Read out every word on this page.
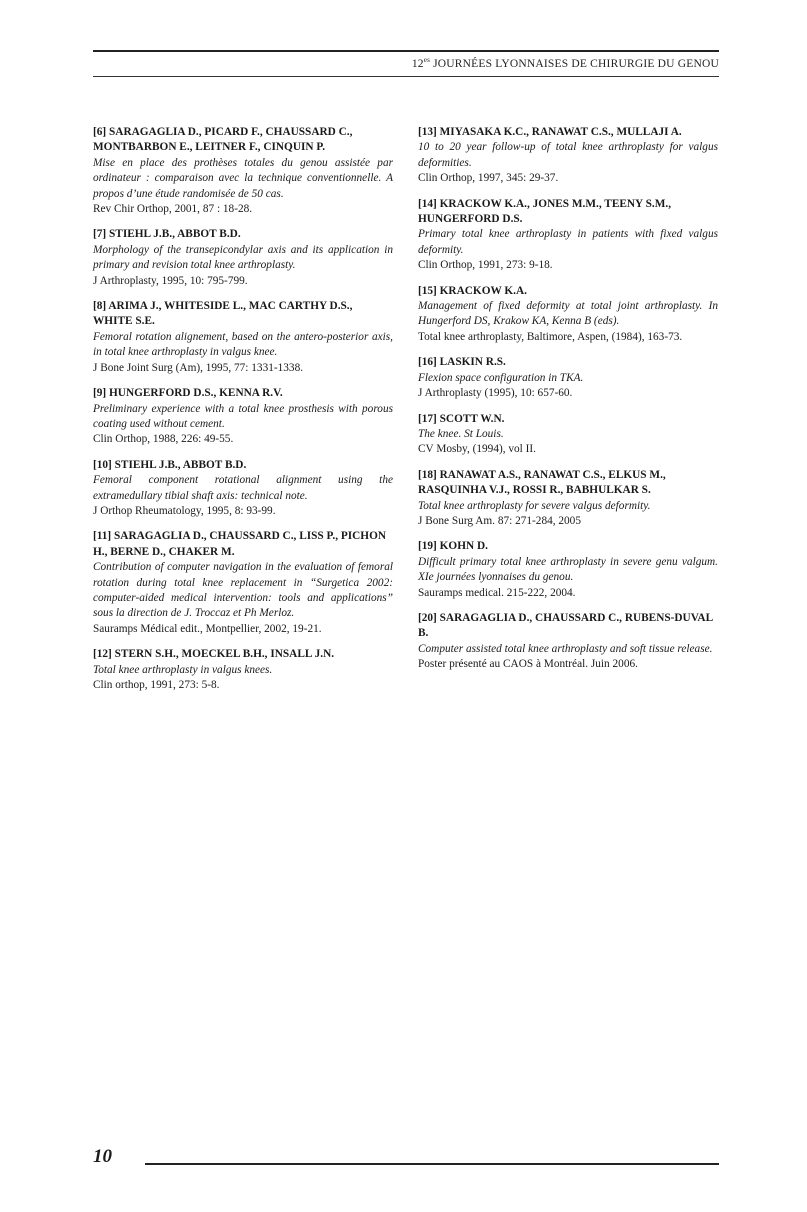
$12^{es}$ JOURNÉES LYONNAISES DE CHIRURGIE DU GENOU
[6] SARAGAGLIA D., PICARD F., CHAUSSARD C., MONTBARBON E., LEITNER F., CINQUIN P.
Mise en place des prothèses totales du genou assistée par ordinateur : comparaison avec la technique conventionnelle. A propos d’une étude randomisée de 50 cas.
Rev Chir Orthop, 2001, 87 : 18-28.
[7] STIEHL J.B., ABBOT B.D.
Morphology of the transepicondylar axis and its application in primary and revision total knee arthroplasty.
J Arthroplasty, 1995, 10: 795-799.
[8] ARIMA J., WHITESIDE L., MAC CARTHY D.S., WHITE S.E.
Femoral rotation alignement, based on the antero-posterior axis, in total knee arthroplasty in valgus knee.
J Bone Joint Surg (Am), 1995, 77: 1331-1338.
[9] HUNGERFORD D.S., KENNA R.V.
Preliminary experience with a total knee prosthesis with porous coating used without cement.
Clin Orthop, 1988, 226: 49-55.
[10] STIEHL J.B., ABBOT B.D.
Femoral component rotational alignment using the extramedullary tibial shaft axis: technical note.
J Orthop Rheumatology, 1995, 8: 93-99.
[11] SARAGAGLIA D., CHAUSSARD C., LISS P., PICHON H., BERNE D., CHAKER M.
Contribution of computer navigation in the evaluation of femoral rotation during total knee replacement in “Surgetica 2002: computer-aided medical intervention: tools and applications” sous la direction de J. Troccaz et Ph Merloz.
Sauramps Médical edit., Montpellier, 2002, 19-21.
[12] STERN S.H., MOECKEL B.H., INSALL J.N.
Total knee arthroplasty in valgus knees.
Clin orthop, 1991, 273: 5-8.
[13] MIYASAKA K.C., RANAWAT C.S., MULLAJI A.
10 to 20 year follow-up of total knee arthroplasty for valgus deformities.
Clin Orthop, 1997, 345: 29-37.
[14] KRACKOW K.A., JONES M.M., TEENY S.M., HUNGERFORD D.S.
Primary total knee arthroplasty in patients with fixed valgus deformity.
Clin Orthop, 1991, 273: 9-18.
[15] KRACKOW K.A.
Management of fixed deformity at total joint arthroplasty. In Hungerford DS, Krakow KA, Kenna B (eds).
Total knee arthroplasty, Baltimore, Aspen, (1984), 163-73.
[16] LASKIN R.S.
Flexion space configuration in TKA.
J Arthroplasty (1995), 10: 657-60.
[17] SCOTT W.N.
The knee. St Louis.
CV Mosby, (1994), vol II.
[18] RANAWAT A.S., RANAWAT C.S., ELKUS M., RASQUINHA V.J., ROSSI R., BABHULKAR S.
Total knee arthroplasty for severe valgus deformity.
J Bone Surg Am. 87: 271-284, 2005
[19] KOHN D.
Difficult primary total knee arthroplasty in severe genu valgum. XIe journées lyonnaises du genou.
Sauramps medical. 215-222, 2004.
[20] SARAGAGLIA D., CHAUSSARD C., RUBENS-DUVAL B.
Computer assisted total knee arthroplasty and soft tissue release.
Poster présenté au CAOS à Montréal. Juin 2006.
10
